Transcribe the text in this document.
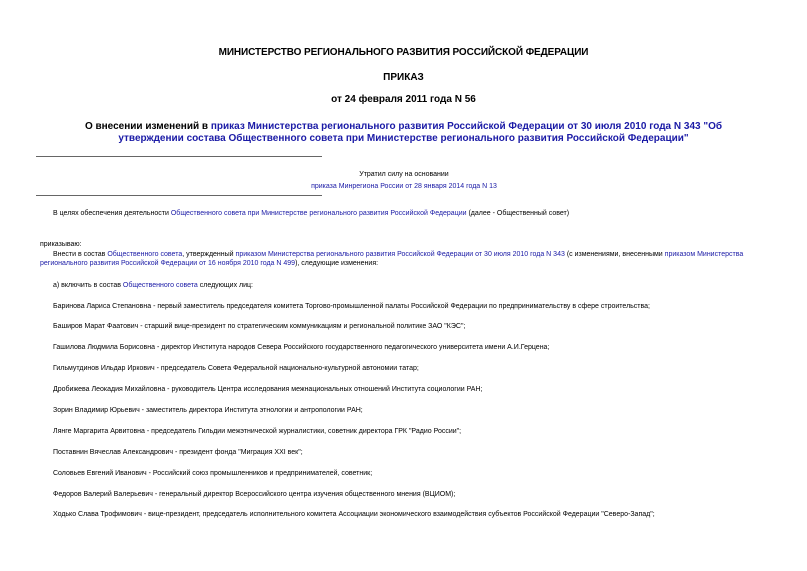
МИНИСТЕРСТВО РЕГИОНАЛЬНОГО РАЗВИТИЯ РОССИЙСКОЙ ФЕДЕРАЦИИ
ПРИКАЗ
от 24 февраля 2011 года N 56
О внесении изменений в приказ Министерства регионального развития Российской Федерации от 30 июля 2010 года N 343 "Об утверждении состава Общественного совета при Министерстве регионального развития Российской Федерации"
Утратил силу на основании
приказа Минрегиона России от 28 января 2014 года N 13
В целях обеспечения деятельности Общественного совета при Министерстве регионального развития Российской Федерации (далее - Общественный совет)
приказываю:
Внести в состав Общественного совета, утвержденный приказом Министерства регионального развития Российской Федерации от 30 июля 2010 года N 343 (с изменениями, внесенными приказом Министерства регионального развития Российской Федерации от 16 ноября 2010 года N 499), следующие изменения:
а) включить в состав Общественного совета следующих лиц:
Баринова Лариса Степановна - первый заместитель председателя комитета Торгово-промышленной палаты Российской Федерации по предпринимательству в сфере строительства;
Баширов Марат Фаатович - старший вице-президент по стратегическим коммуникациям и региональной политике ЗАО "КЭС";
Гашилова Людмила Борисовна - директор Института народов Севера Российского государственного педагогического университета имени А.И.Герцена;
Гильмутдинов Ильдар Иркович - председатель Совета Федеральной национально-культурной автономии татар;
Дробижева Леокадия Михайловна - руководитель Центра исследования межнациональных отношений Института социологии РАН;
Зорин Владимир Юрьевич - заместитель директора Института этнологии и антропологии РАН;
Лянге Маргарита Арвитовна - председатель Гильдии межэтнической журналистики, советник директора ГРК "Радио России";
Поставнин Вячеслав Александрович - президент фонда "Миграция XXI век";
Соловьев Евгений Иванович - Российский союз промышленников и предпринимателей, советник;
Федоров Валерий Валерьевич - генеральный директор Всероссийского центра изучения общественного мнения (ВЦИОМ);
Ходько Слава Трофимович - вице-президент, председатель исполнительного комитета Ассоциации экономического взаимодействия субъектов Российской Федерации "Северо-Запад";
